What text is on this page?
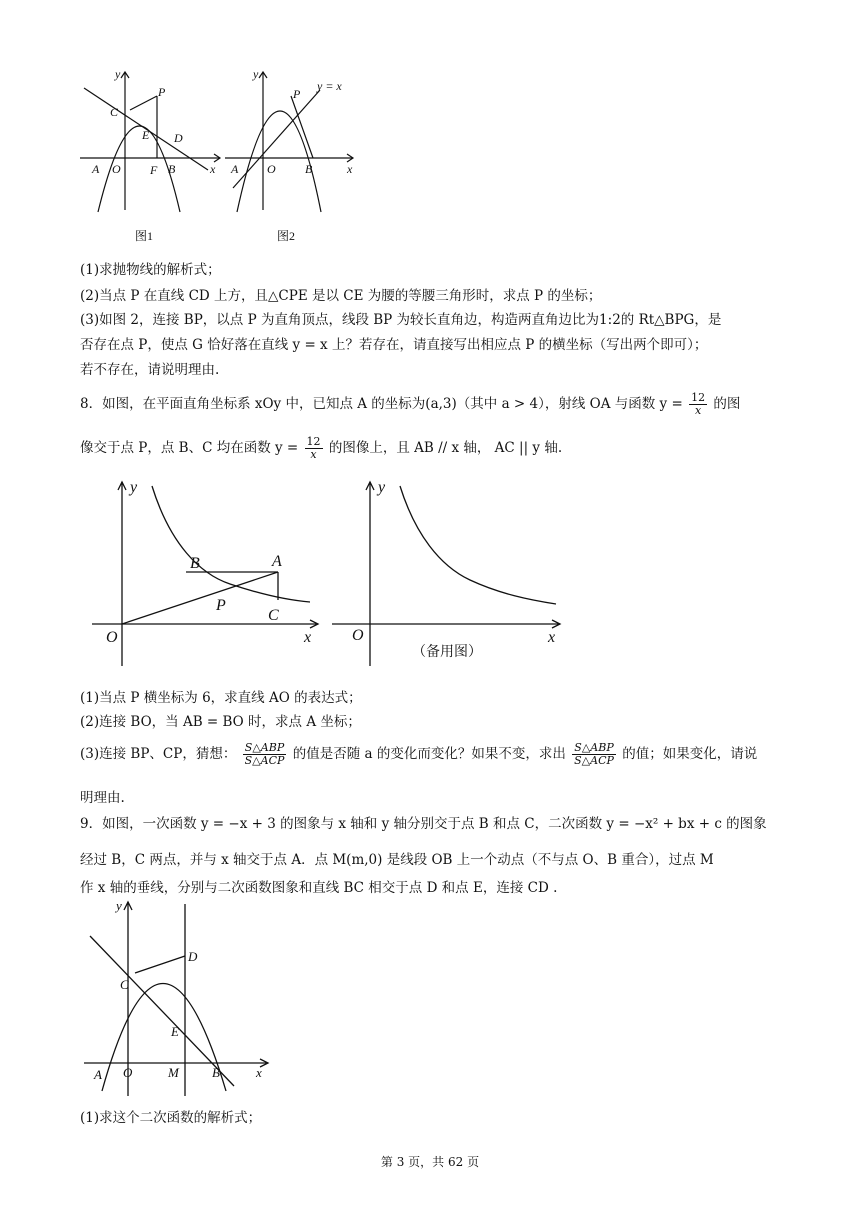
y
C
P
E D
A O F B	x
图1
y
y = x
P
A O B	x
图2
(1)求抛物线的解析式；
(2)当点 P 在直线 CD 上方，且△CPE 是以 CE 为腰的等腰三角形时，求点 P 的坐标；
(3)如图 2，连接 BP，以点 P 为直角顶点，线段 BP 为较长直角边，构造两直角边比为1:2的 Rt△BPG，是
否存在点 P，使点 G 恰好落在直线 y = x 上？若存在，请直接写出相应点 P 的横坐标（写出两个即可）；
若不存在，请说明理由.
8．如图，在平面直角坐标系 xOy 中，已知点 A 的坐标为(a,3)（其中 a > 4），射线 OA 与函数 $y = \frac{12}{x}$ 的图
像交于点 P，点 B、C 均在函数 $y = \frac{12}{x}$ 的图像上，且 AB // x 轴， AC || y 轴.
y
B	A
P
C
O	x
y
O	x
（备用图）
(1)当点 P 横坐标为 6，求直线 AO 的表达式；
(2)连接 BO，当 AB = BO 时，求点 A 坐标；
(3)连接 BP、CP，猜想： $\frac{\text{S△ABP}}{\text{S△ACP}}$ 的值是否随 a 的变化而变化？如果不变，求出 $\frac{\text{S△ABP}}{\text{S△ACP}}$ 的值；如果变化，请说
明理由.
9．如图，一次函数 y = −x + 3 的图象与 x 轴和 y 轴分别交于点 B 和点 C，二次函数 y = −x² + bx + c 的图象
经过 B，C 两点，并与 x 轴交于点 A．点 M(m,0) 是线段 OB 上一个动点（不与点 O、B 重合），过点 M
作 x 轴的垂线，分别与二次函数图象和直线 BC 相交于点 D 和点 E，连接 CD .
y
D
C
E
A O	M	B	x
(1)求这个二次函数的解析式；
第 3 页，共 62 页
